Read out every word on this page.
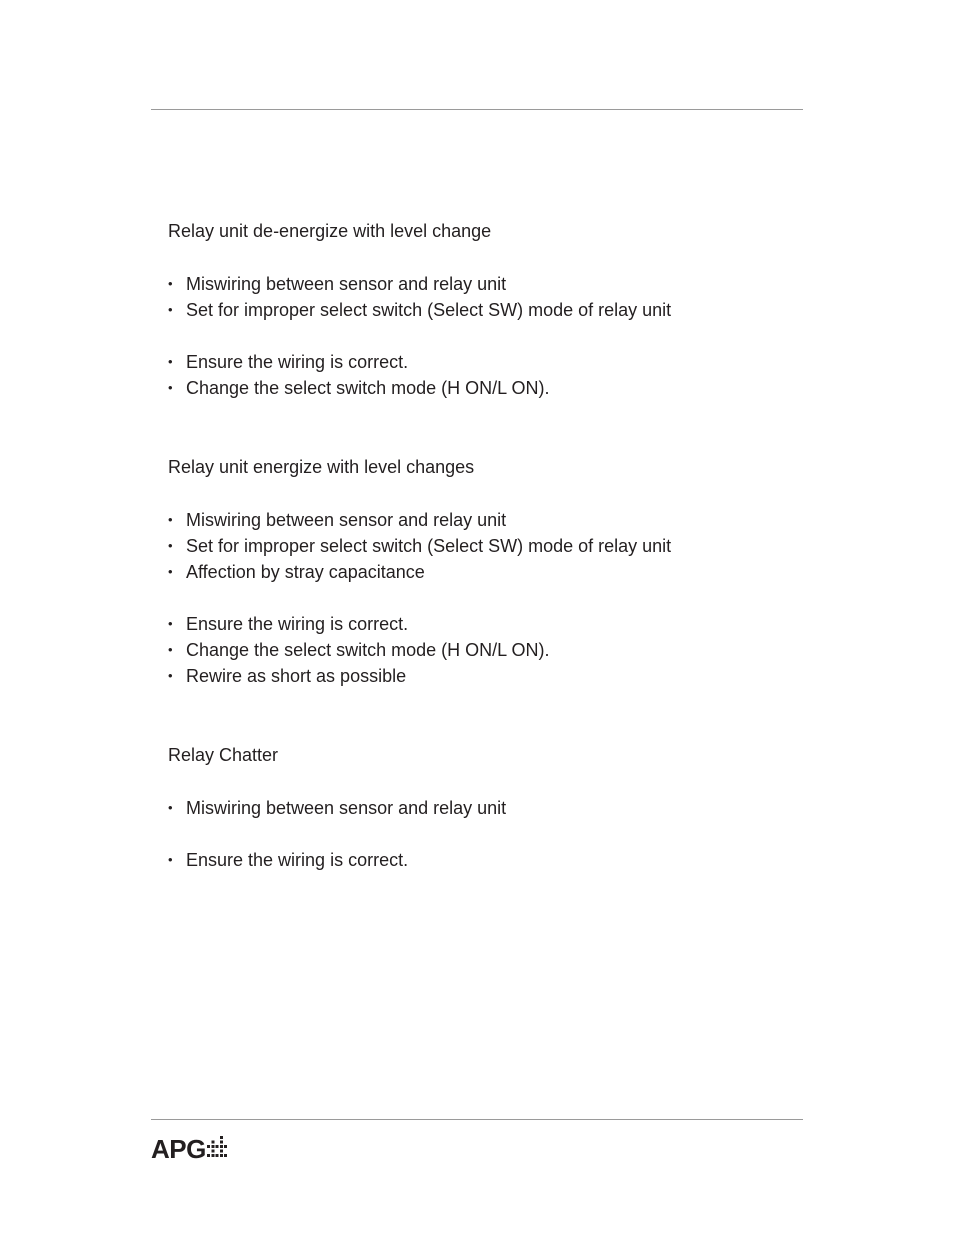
Relay unit de-energize with level change

• Miswiring between sensor and relay unit
• Set for improper select switch (Select SW) mode of relay unit
• Ensure the wiring is correct.
• Change the select switch mode (H ON/L ON).

Relay unit energize with level changes

• Miswiring between sensor and relay unit
• Set for improper select switch (Select SW) mode of relay unit
• Affection by stray capacitance
• Ensure the wiring is correct.
• Change the select switch mode (H ON/L ON).
• Rewire as short as possible

Relay Chatter

• Miswiring between sensor and relay unit
• Ensure the wiring is correct.
APG
